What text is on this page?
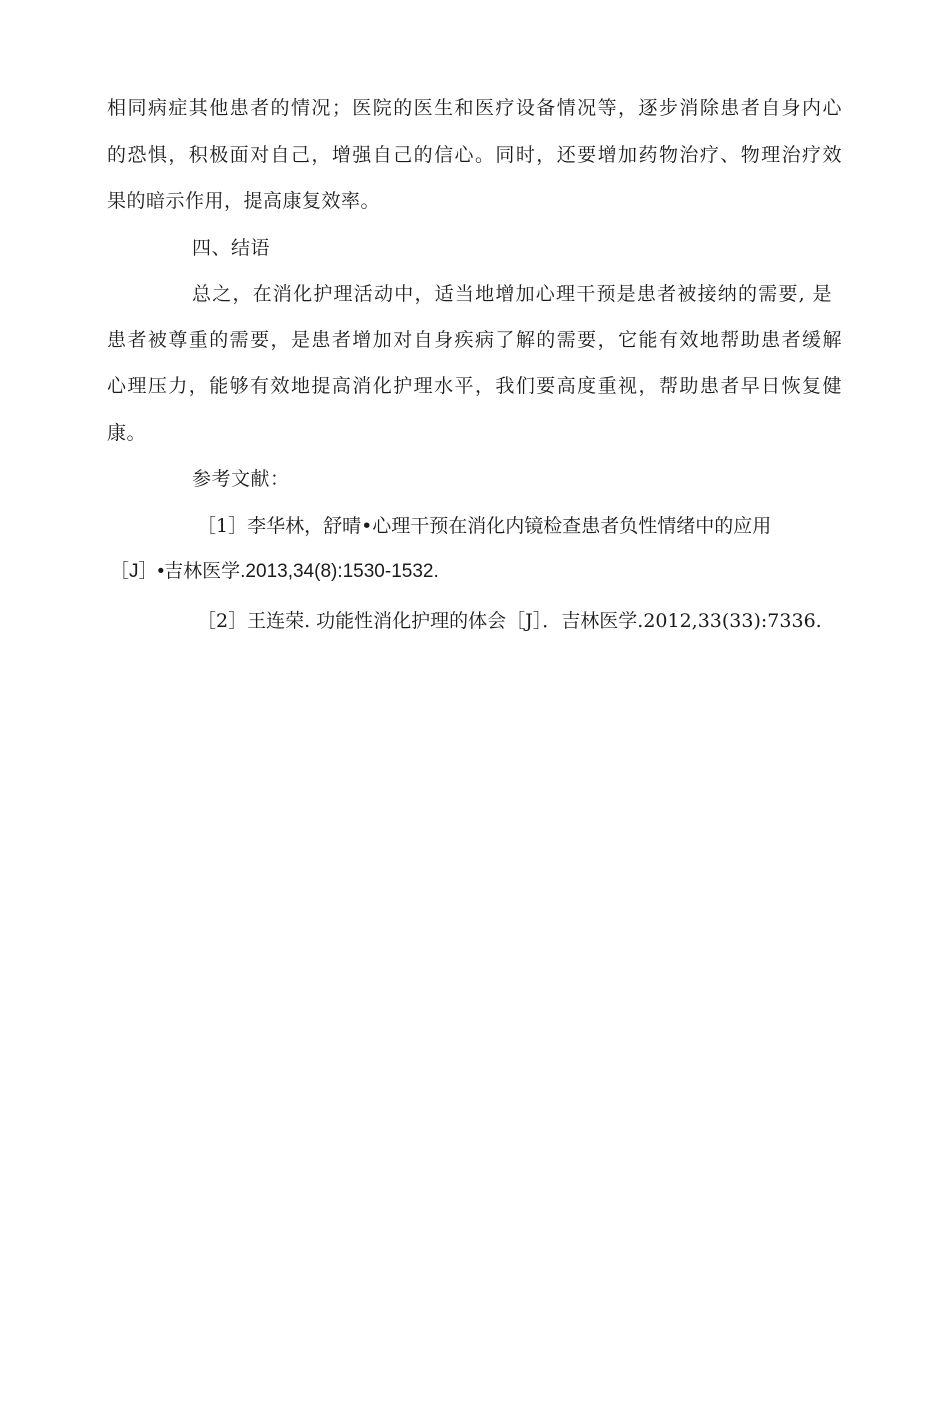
相同病症其他患者的情况；医院的医生和医疗设备情况等，逐步消除患者自身内心
的恐惧，积极面对自己，增强自己的信心。同时，还要增加药物治疗、物理治疗效
果的暗示作用，提高康复效率。
四、结语
总之，在消化护理活动中，适当地增加心理干预是患者被接纳的需要, 是
患者被尊重的需要，是患者增加对自身疾病了解的需要，它能有效地帮助患者缓解
心理压力，能够有效地提高消化护理水平，我们要高度重视，帮助患者早日恢复健
康。
参考文献：
［1］李华林，舒晴•心理干预在消化内镜检查患者负性情绪中的应用
［J］•吉林医学.2013,34(8):1530-1532.
［2］王连荣. 功能性消化护理的体会［J］．吉林医学.2012,33(33):7336.
